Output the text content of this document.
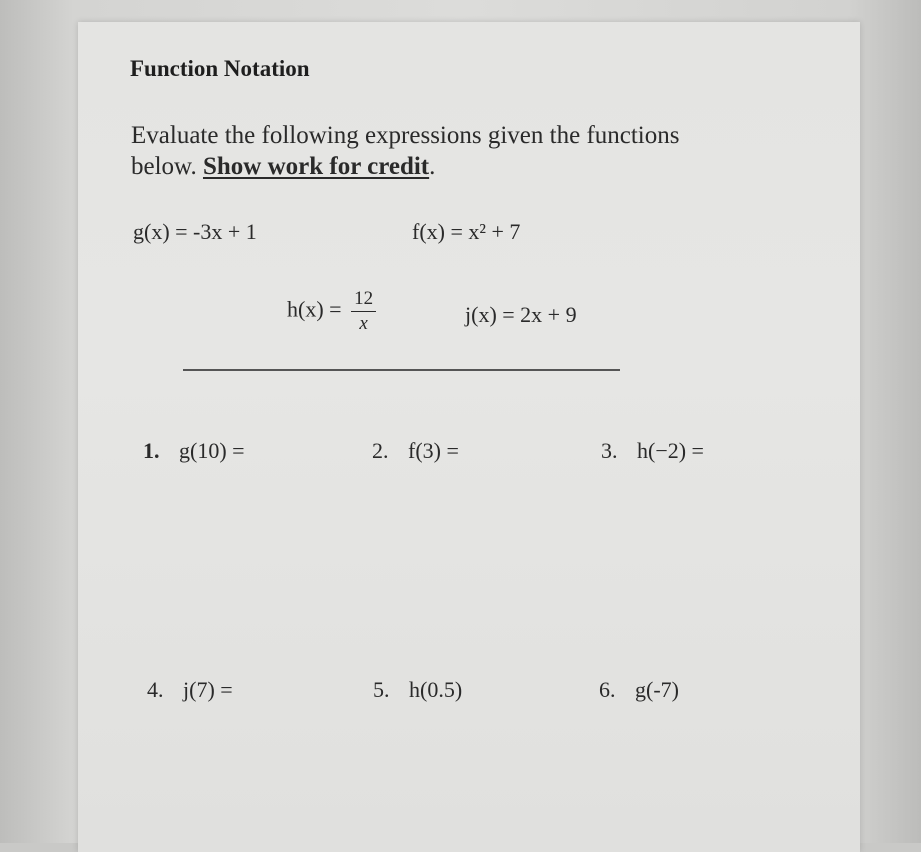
Function Notation
Evaluate the following expressions given the functions below. Show work for credit.
g(x) = -3x + 1	f(x) = x² + 7
$h(x) = \frac{12}{x}$	j(x) = 2x + 9
1. g(10) =	2. f(3) =	3. h(−2) =
4. j(7) =	5. h(0.5)	6. g(-7)
